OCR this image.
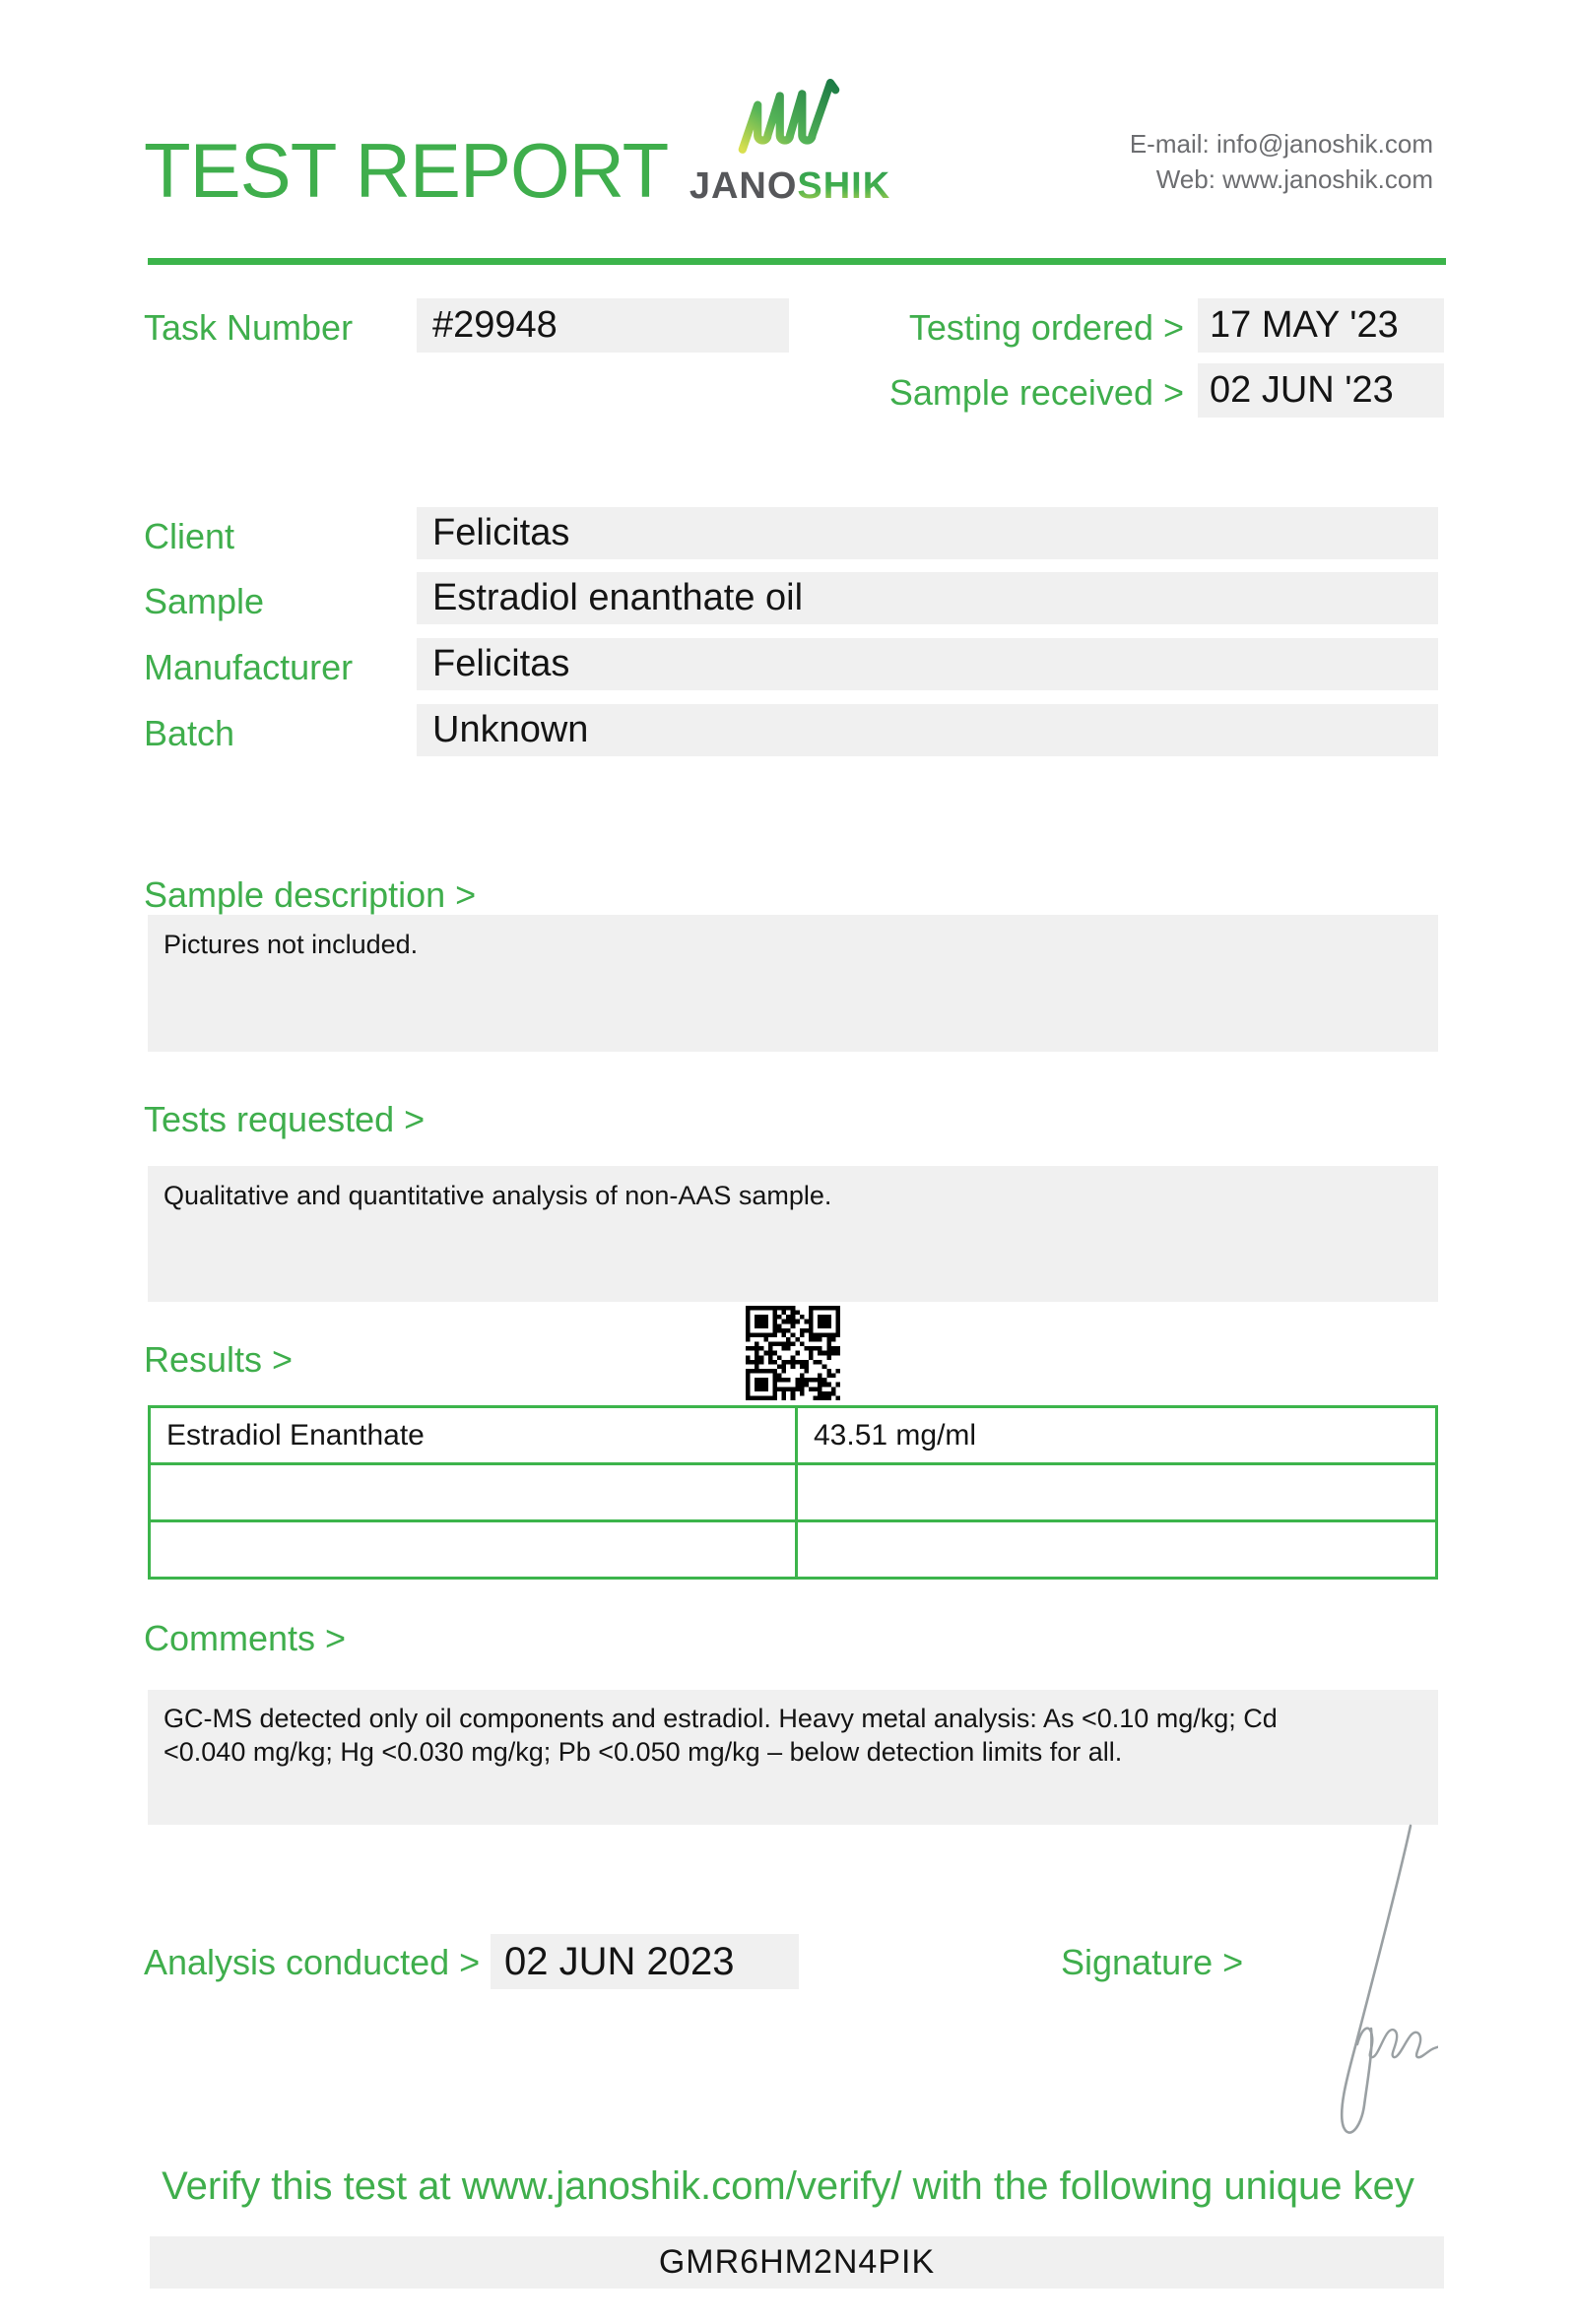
TEST REPORT JANOSHIK
E-mail: info@janoshik.com
Web: www.janoshik.com
Task Number	#29948	Testing ordered > 17 MAY '23
Sample received > 02 JUN '23
Client	Felicitas
Sample	Estradiol enanthate oil
Manufacturer	Felicitas
Batch	Unknown
Sample description >
Pictures not included.
Tests requested >
Qualitative and quantitative analysis of non-AAS sample.
Results >
Estradiol Enanthate	43.51 mg/ml
Comments >
GC-MS detected only oil components and estradiol. Heavy metal analysis: As <0.10 mg/kg; Cd <0.040 mg/kg; Hg <0.030 mg/kg; Pb <0.050 mg/kg – below detection limits for all.
Analysis conducted > 02 JUN 2023	Signature >
Verify this test at www.janoshik.com/verify/ with the following unique key
GMR6HM2N4PIK
